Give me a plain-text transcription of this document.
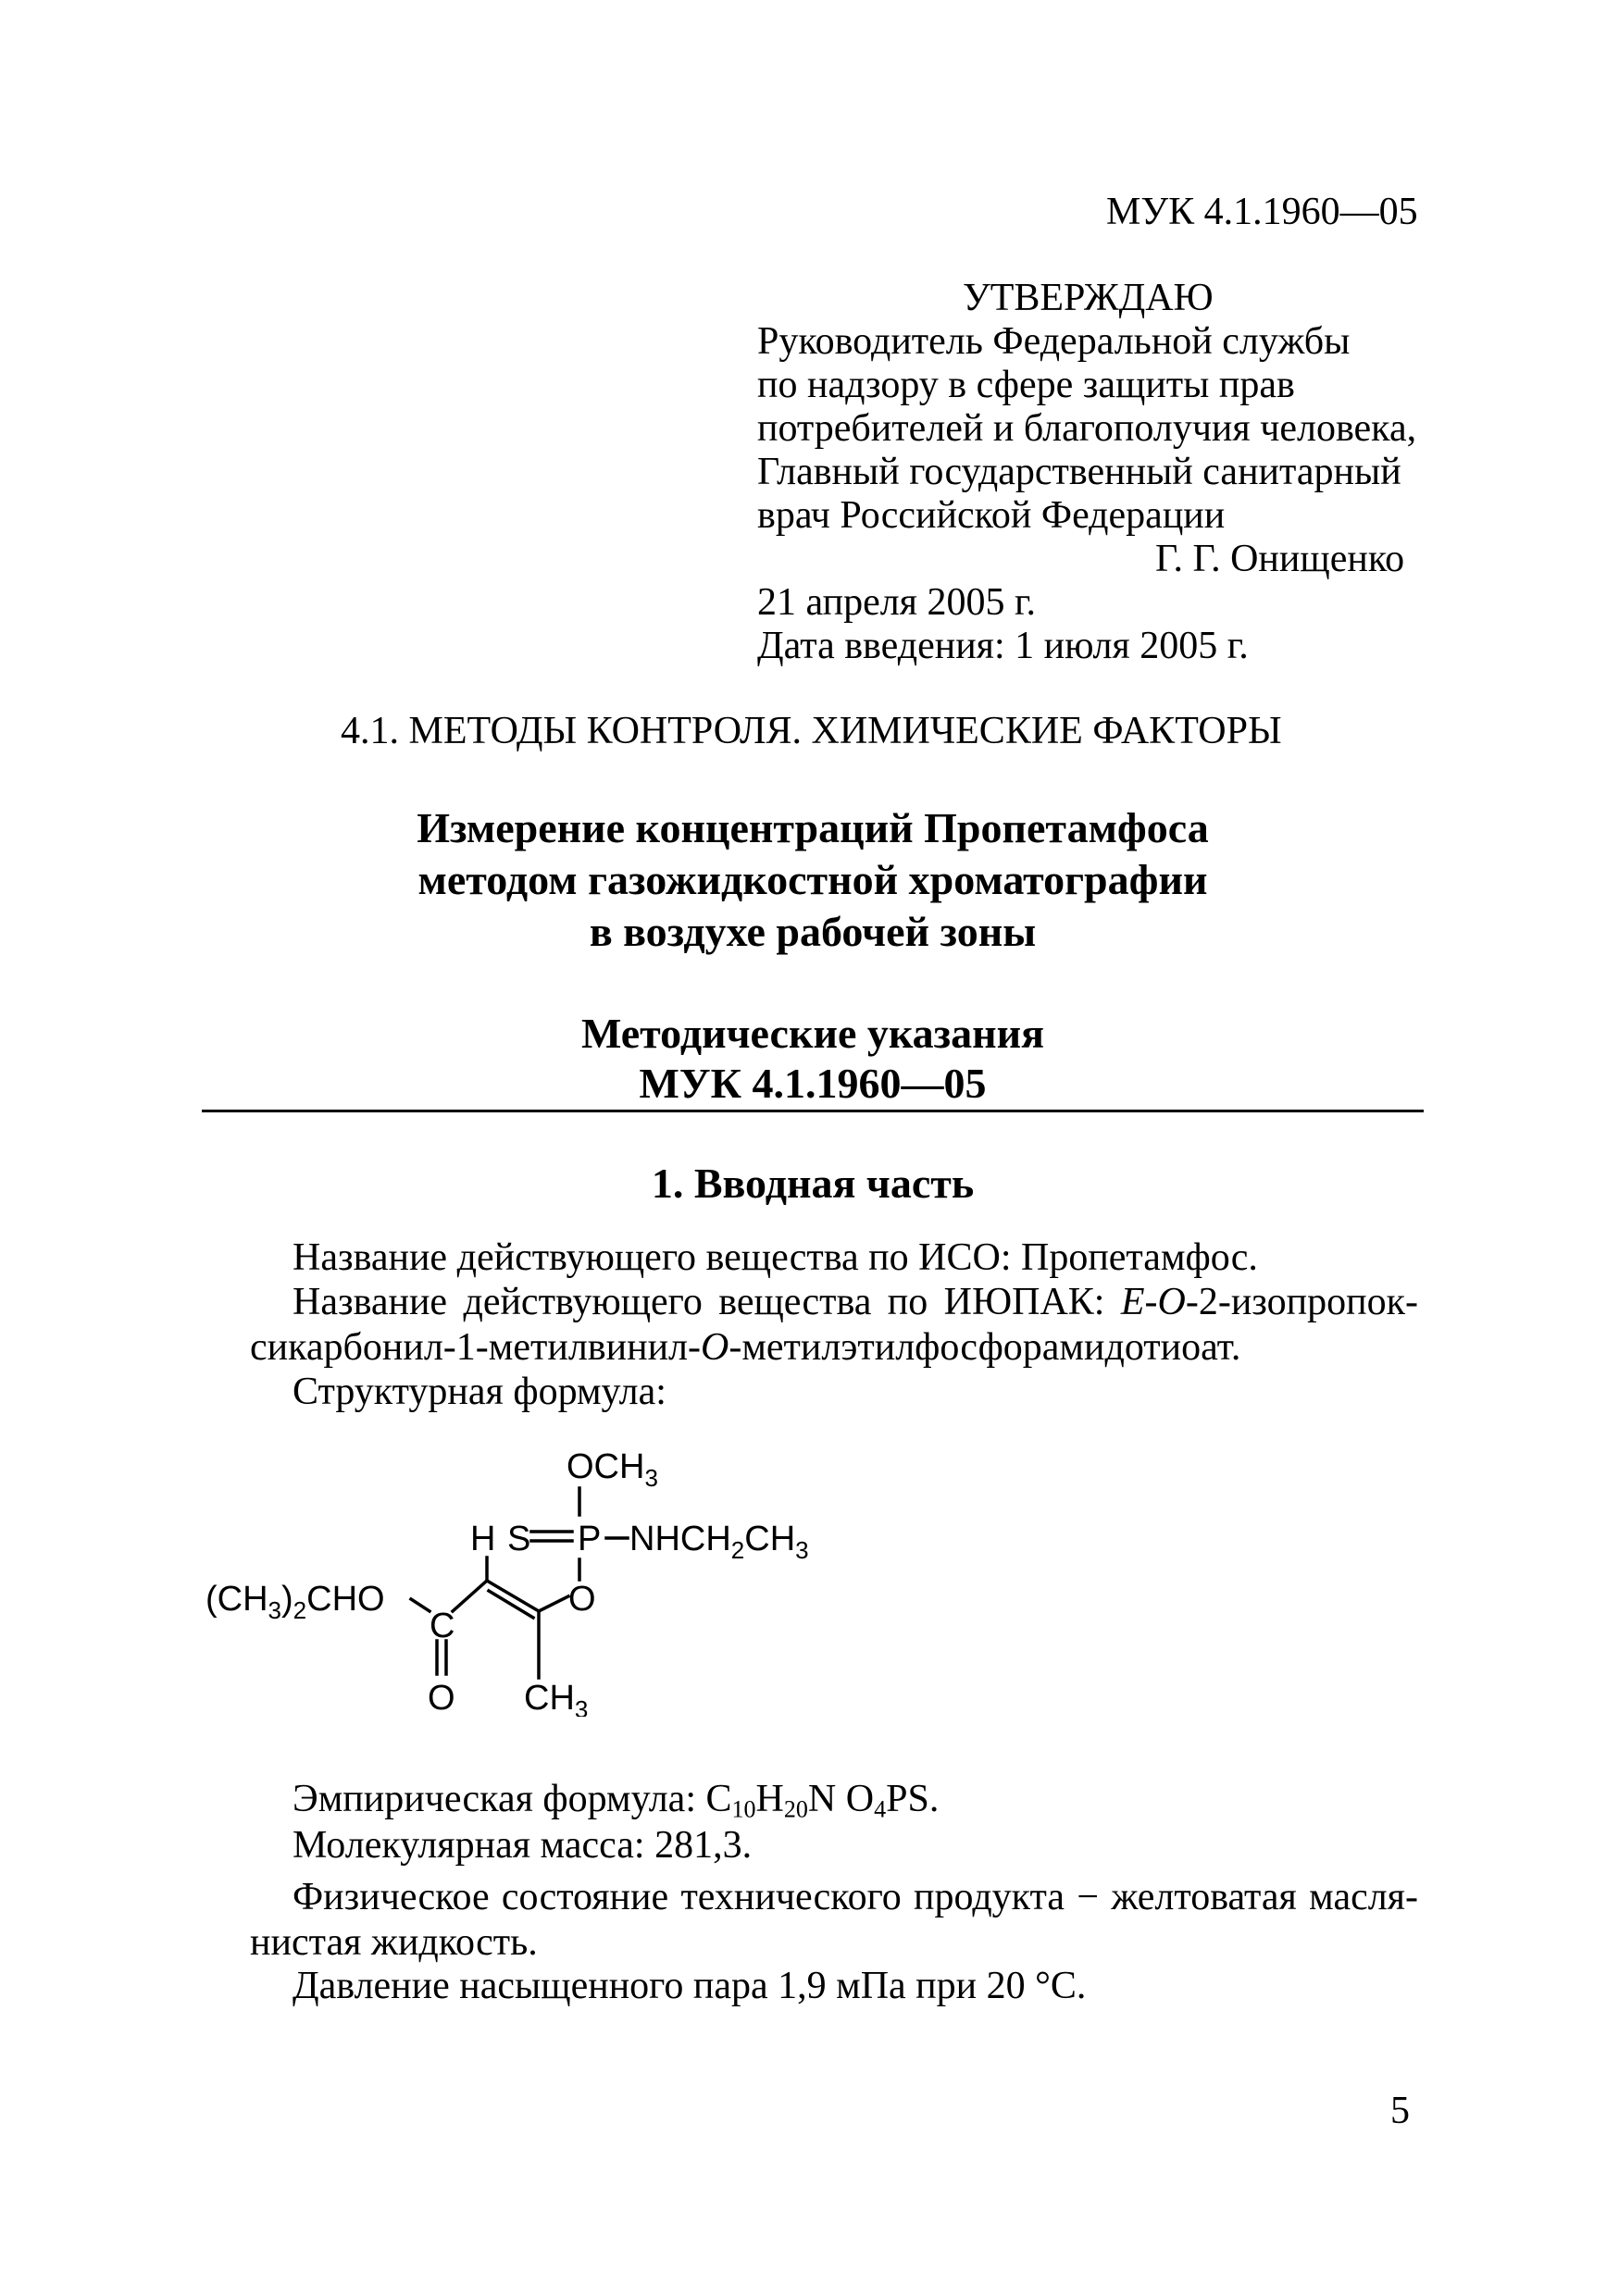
МУК 4.1.1960—05
УТВЕРЖДАЮ
Руководитель Федеральной службы
по надзору в сфере защиты прав
потребителей и благополучия человека,
Главный государственный санитарный
врач Российской Федерации
Г. Г. Онищенко
21 апреля 2005 г.
Дата введения: 1 июля 2005 г.
4.1. МЕТОДЫ КОНТРОЛЯ. ХИМИЧЕСКИЕ ФАКТОРЫ
Измерение концентраций Пропетамфоса
методом газожидкостной хроматографии
в воздухе рабочей зоны
Методические указания
МУК 4.1.1960—05
1. Вводная часть
Название действующего вещества по ИСО: Пропетамфос.
Название действующего вещества по ИЮПАК: E-O-2-изопропок-сикарбонил-1-метилвинил-O-метилэтилфосфорамидотиоат.
Структурная формула:
$OCH_3$
H S P $NHCH_2CH_3$
$(CH_3)_2CHO$	O
C
O $CH_3$
Эмпирическая формула: $C_{10}H_{20}N$ $O_4PS$.
Молекулярная масса: 281,3.
Физическое состояние технического продукта − желтоватая масля-нистая жидкость.
Давление насыщенного пара 1,9 мПа при 20 °С.
5
